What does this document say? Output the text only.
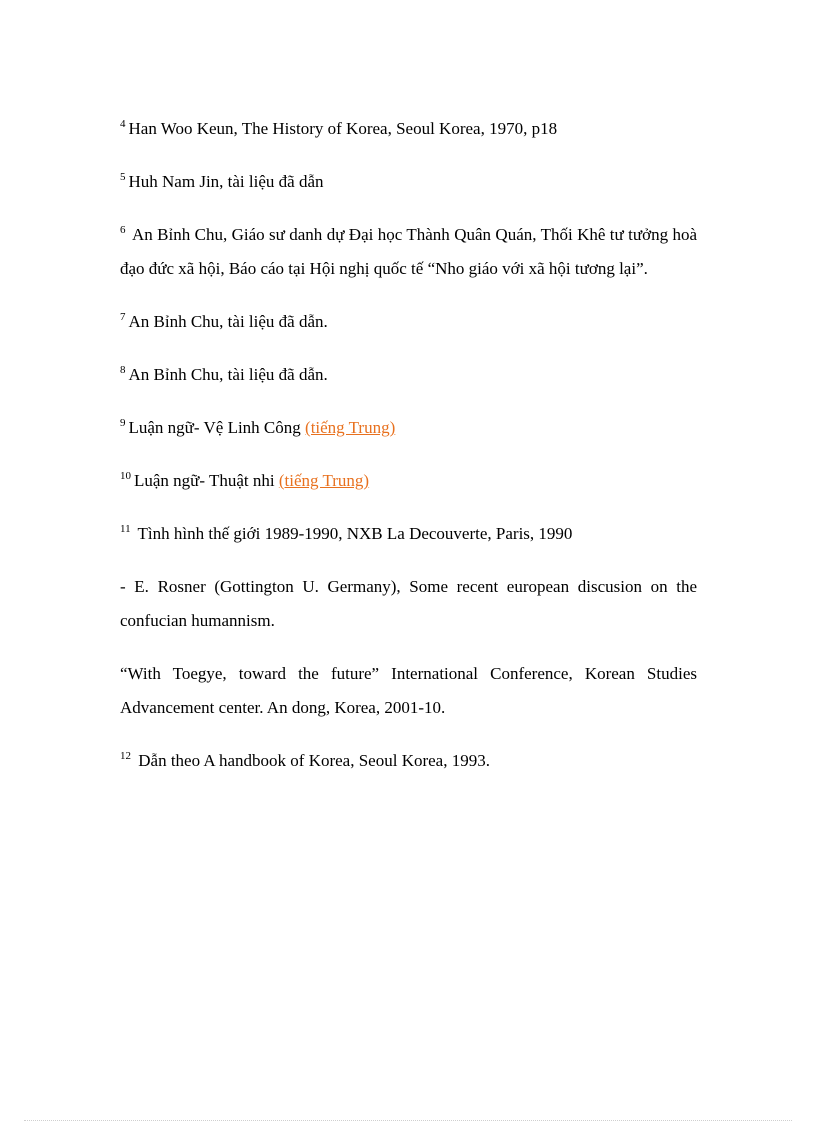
$^4$ Han Woo Keun, The History of Korea, Seoul Korea, 1970, p18

$^5$ Huh Nam Jin, tài liệu đã dẫn

$^6$ An Bỉnh Chu, Giáo sư danh dự Đại học Thành Quân Quán, Thối Khê tư tưởng hoà đạo đức xã hội, Báo cáo tại Hội nghị quốc tế “Nho giáo với xã hội tương lại”.

$^7$ An Bỉnh Chu, tài liệu đã dẫn.

$^8$ An Bỉnh Chu, tài liệu đã dẫn.

$^9$ Luận ngữ- Vệ Linh Công (tiếng Trung)

$^{10}$ Luận ngữ- Thuật nhi (tiếng Trung)

$^{11}$ Tình hình thế giới 1989-1990, NXB La Decouverte, Paris, 1990

- E. Rosner (Gottington U. Germany), Some recent european discusion on the confucian humannism.

“With Toegye, toward the future” International Conference, Korean Studies Advancement center. An dong, Korea, 2001-10.

$^{12}$ Dẫn theo A handbook of Korea, Seoul Korea, 1993.
